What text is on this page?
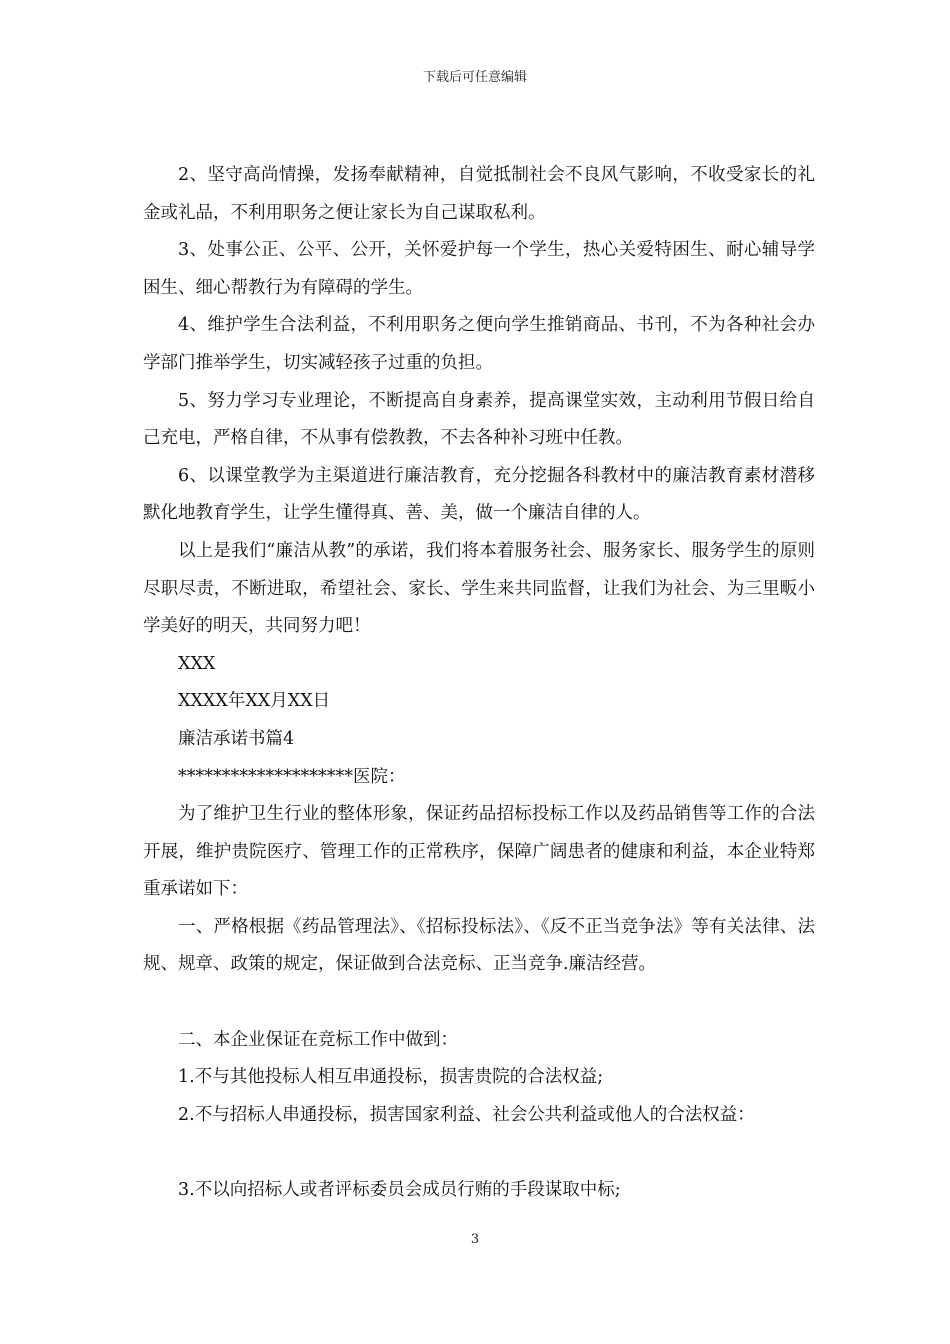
下载后可任意编辑

2、坚守高尚情操，发扬奉献精神，自觉抵制社会不良风气影响，不收受家长的礼金或礼品，不利用职务之便让家长为自己谋取私利。

3、处事公正、公平、公开，关怀爱护每一个学生，热心关爱特困生、耐心辅导学困生、细心帮教行为有障碍的学生。

4、维护学生合法利益，不利用职务之便向学生推销商品、书刊，不为各种社会办学部门推举学生，切实减轻孩子过重的负担。

5、努力学习专业理论，不断提高自身素养，提高课堂实效，主动利用节假日给自己充电，严格自律，不从事有偿教教，不去各种补习班中任教。

6、以课堂教学为主渠道进行廉洁教育，充分挖掘各科教材中的廉洁教育素材潜移默化地教育学生，让学生懂得真、善、美，做一个廉洁自律的人。

以上是我们“廉洁从教”的承诺，我们将本着服务社会、服务家长、服务学生的原则尽职尽责，不断进取，希望社会、家长、学生来共同监督，让我们为社会、为三里畈小学美好的明天，共同努力吧！

XXX

XXXX年XX月XX日

廉洁承诺书篇4

********************医院：

为了维护卫生行业的整体形象，保证药品招标投标工作以及药品销售等工作的合法开展，维护贵院医疗、管理工作的正常秩序，保障广阔患者的健康和利益，本企业特郑重承诺如下：

一、严格根据《药品管理法》、《招标投标法》、《反不正当竞争法》等有关法律、法规、规章、政策的规定，保证做到合法竞标、正当竞争.廉洁经营。

二、本企业保证在竞标工作中做到：

1.不与其他投标人相互串通投标，损害贵院的合法权益;

2.不与招标人串通投标，损害国家利益、社会公共利益或他人的合法权益：

3.不以向招标人或者评标委员会成员行贿的手段谋取中标;

3
